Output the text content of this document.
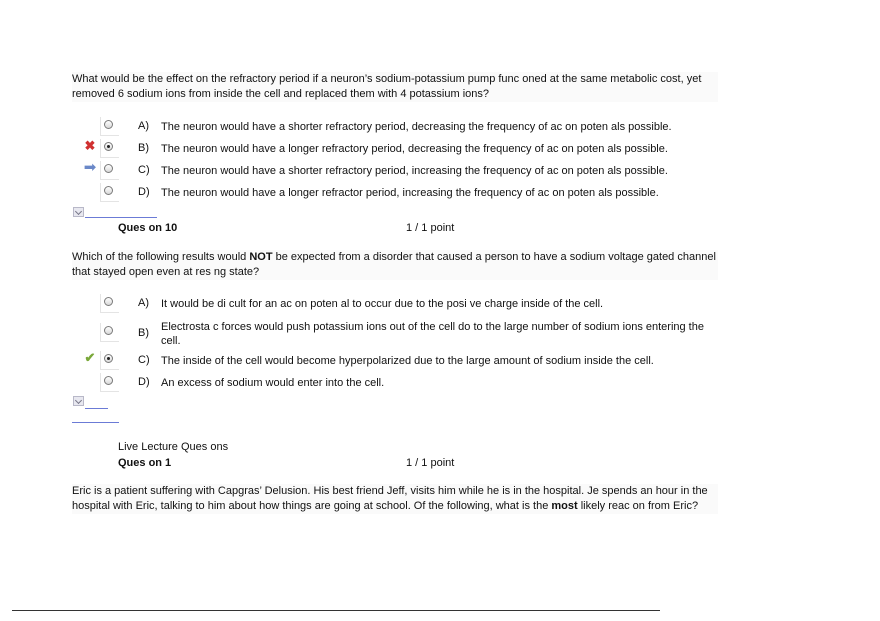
What would be the effect on the refractory period if a neuron’s sodium-potassium pump func oned at the same metabolic cost, yet removed 6 sodium ions from inside the cell and replaced them with 4 potassium ions?
A) The neuron would have a shorter refractory period, decreasing the frequency of ac on poten als possible.
✖	B) The neuron would have a longer refractory period, decreasing the frequency of ac on poten als possible.
➡	C) The neuron would have a shorter refractory period, increasing the frequency of ac on poten als possible.
D) The neuron would have a longer refractor period, increasing the frequency of ac on poten als possible.
Ques on 10	1 / 1 point
Which of the following results would NOT be expected from a disorder that caused a person to have a sodium voltage gated channel that stayed open even at res ng state?
A) It would be di cult for an ac on poten al to occur due to the posi ve charge inside of the cell.
B) Electrosta c forces would push potassium ions out of the cell do to the large number of sodium ions entering the cell.
✔	C) The inside of the cell would become hyperpolarized due to the large amount of sodium inside the cell.
D) An excess of sodium would enter into the cell.
Live Lecture Ques ons
Ques on 1	1 / 1 point
Eric is a patient suffering with Capgras’ Delusion. His best friend Jeff, visits him while he is in the hospital. Je spends an hour in the hospital with Eric, talking to him about how things are going at school. Of the following, what is the most likely reac on from Eric?
